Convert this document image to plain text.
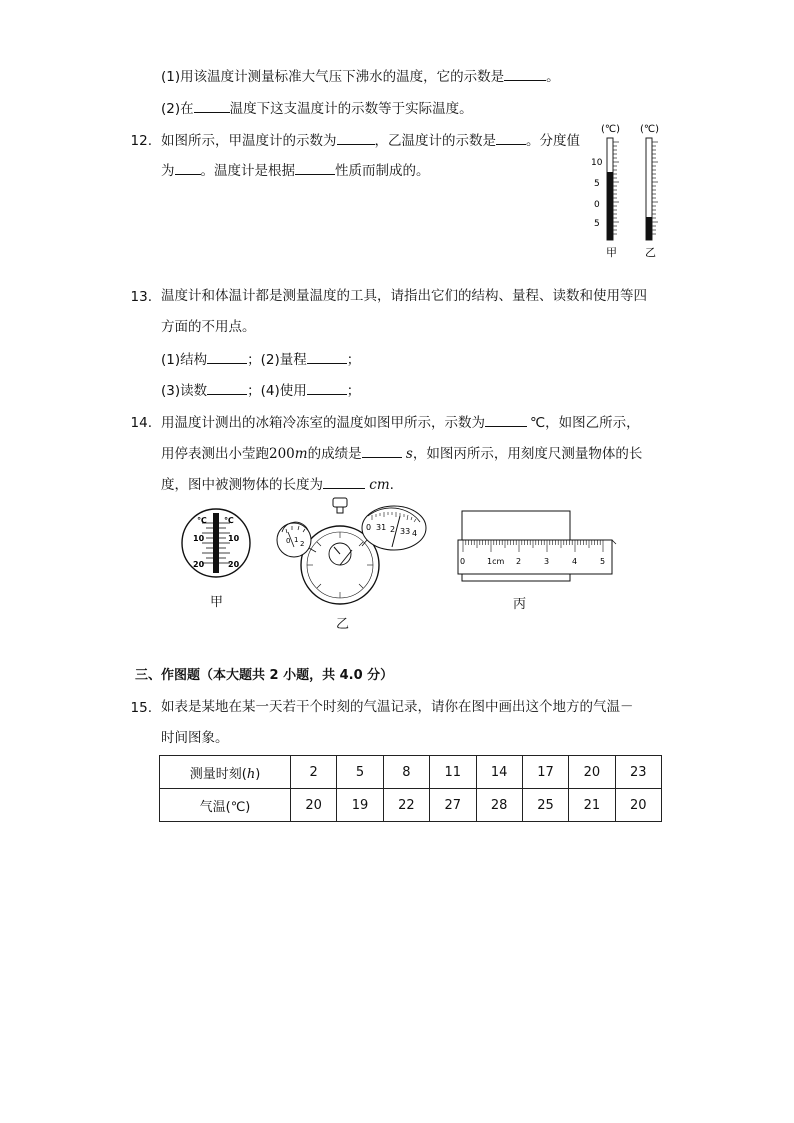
(1)用该温度计测量标准大气压下沸水的温度，它的示数是	。
(2)在	温度下这支温度计的示数等于实际温度。
12. 如图所示，甲温度计的示数为	，乙温度计的示数是 。分度值
为 。温度计是根据	性质而制成的。
(℃) (℃)
10
5
0
5
甲	乙
13. 温度计和体温计都是测量温度的工具，请指出它们的结构、量程、读数和使用等四
方面的不用点。
(1)结构	；(2)量程	；
(3)读数	；(4)使用	；
14. 用温度计测出的冰箱冷冻室的温度如图甲所示，示数为	℃，如图乙所示，
用停表测出小莹跑200m的成绩是	s，如图丙所示，用刻度尺测量物体的长
度，图中被测物体的长度为	cm.
℃ ℃
10	10
20	20
甲
0 1 2
0 31 2 33 4
乙
0	1cm 2	3	4	5
丙
三、作图题（本大题共 2 小题，共 4.0 分）
15. 如表是某地在某一天若干个时刻的气温记录，请你在图中画出这个地方的气温－
时间图象。
测量时刻(h)	2	5	8	11	14	17	20	23
气温(℃)	20	19	22	27	28	25	21	20
